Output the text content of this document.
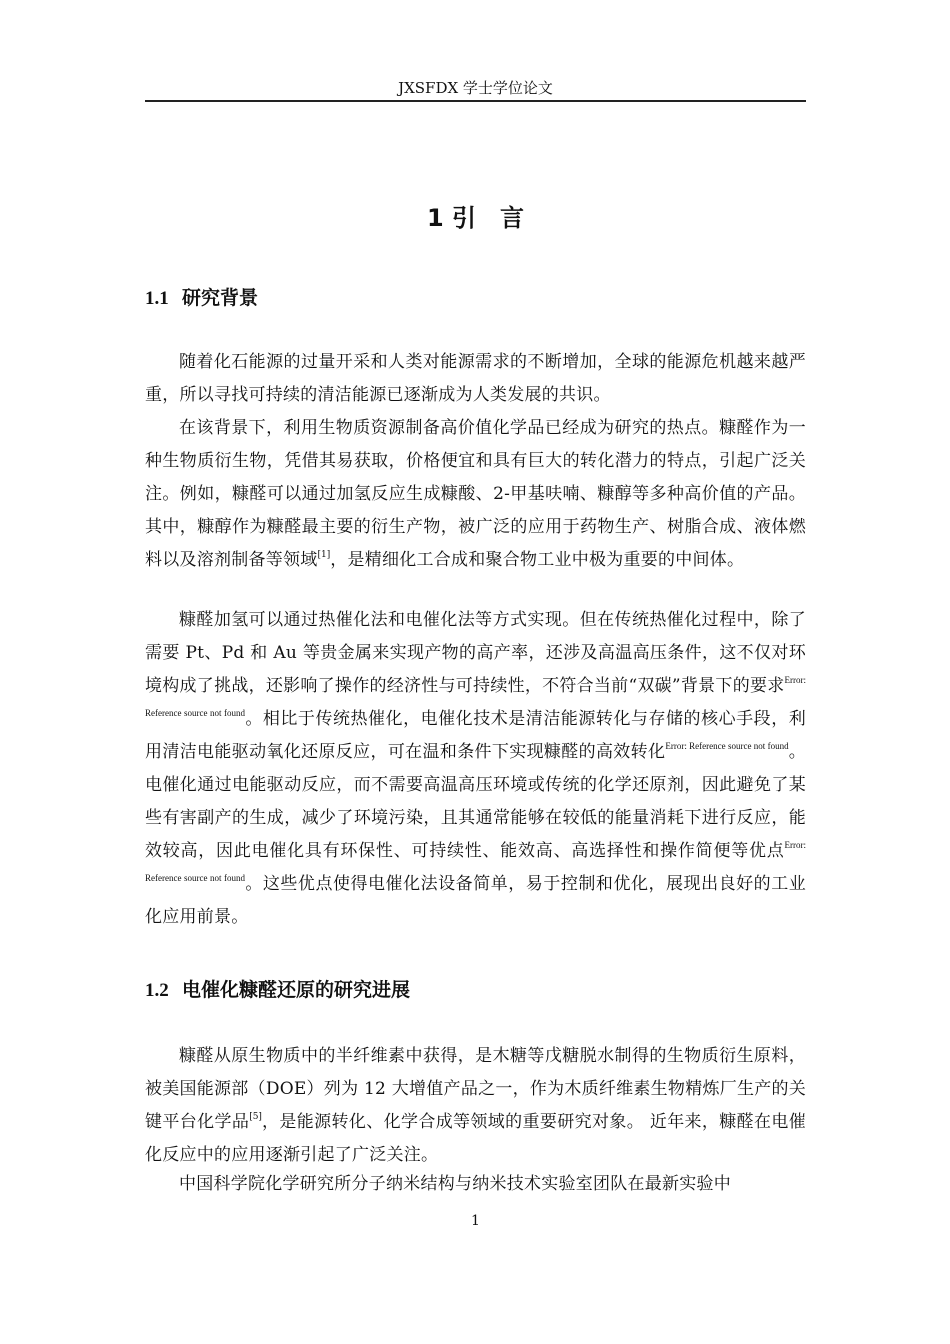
JXSFDX 学士学位论文
1 引　言
1.1 研究背景

随着化石能源的过量开采和人类对能源需求的不断增加，全球的能源危机越来越严重，所以寻找可持续的清洁能源已逐渐成为人类发展的共识。

在该背景下，利用生物质资源制备高价值化学品已经成为研究的热点。糠醛作为一种生物质衍生物，凭借其易获取，价格便宜和具有巨大的转化潜力的特点，引起广泛关注。例如，糠醛可以通过加氢反应生成糠酸、2-甲基呋喃、糠醇等多种高价值的产品。其中，糠醇作为糠醛最主要的衍生产物，被广泛的应用于药物生产、树脂合成、液体燃料以及溶剂制备等领域[1]，是精细化工合成和聚合物工业中极为重要的中间体。

糠醛加氢可以通过热催化法和电催化法等方式实现。但在传统热催化过程中，除了需要 Pt、Pd 和 Au 等贵金属来实现产物的高产率，还涉及高温高压条件，这不仅对环境构成了挑战，还影响了操作的经济性与可持续性，不符合当前“双碳”背景下的要求$^{Error: Reference source not found}$。相比于传统热催化，电催化技术是清洁能源转化与存储的核心手段，利用清洁电能驱动氧化还原反应，可在温和条件下实现糠醛的高效转化$^{Error: Reference source not found}$。电催化通过电能驱动反应，而不需要高温高压环境或传统的化学还原剂，因此避免了某些有害副产的生成，减少了环境污染，且其通常能够在较低的能量消耗下进行反应，能效较高，因此电催化具有环保性、可持续性、能效高、高选择性和操作简便等优点$^{Error: Reference source not found}$。这些优点使得电催化法设备简单，易于控制和优化，展现出良好的工业化应用前景。

1.2 电催化糠醛还原的研究进展

糠醛从原生物质中的半纤维素中获得，是木糖等戊糖脱水制得的生物质衍生原料，被美国能源部（DOE）列为 12 大增值产品之一，作为木质纤维素生物精炼厂生产的关键平台化学品[5]，是能源转化、化学合成等领域的重要研究对象。 近年来，糠醛在电催化反应中的应用逐渐引起了广泛关注。

中国科学院化学研究所分子纳米结构与纳米技术实验室团队在最新实验中

1
